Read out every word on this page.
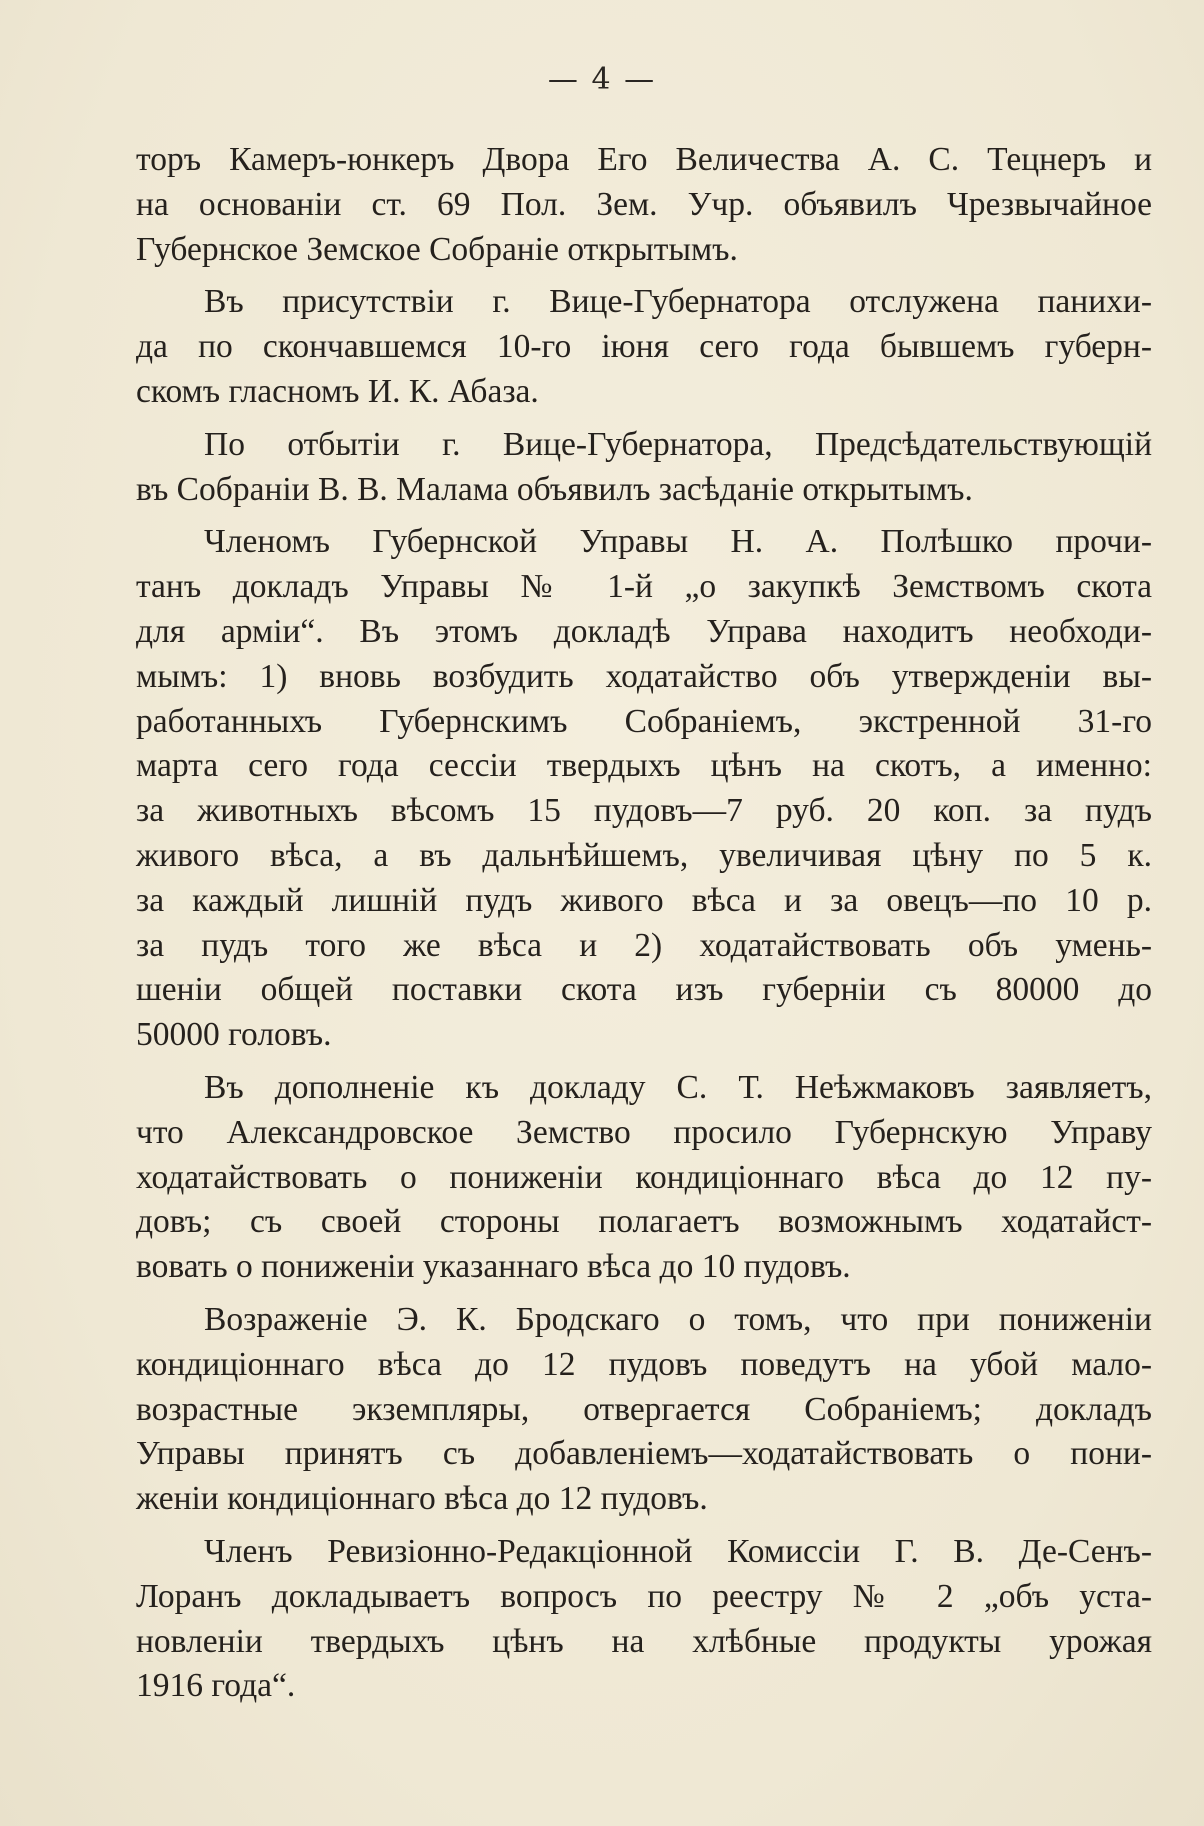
— 4 —
торъ Камеръ-юнкеръ Двора Его Величества А. С. Тецнеръ и
на основанiи ст. 69 Пол. Зем. Учр. объявилъ Чрезвычайное
Губернское Земское Собранiе открытымъ.
Въ присутствiи г. Вице-Губернатора отслужена панихи-
да по скончавшемся 10-го iюня сего года бывшемъ губерн-
скомъ гласномъ И. К. Абаза.
По отбытiи г. Вице-Губернатора, Предсѣдательствующiй
въ Собранiи В. В. Малама объявилъ засѣданiе открытымъ.
Членомъ Губернской Управы Н. А. Полѣшко прочи-
танъ докладъ Управы № 1-й „о закупкѣ Земствомъ скота
для арміи“. Въ этомъ докладѣ Управа находитъ необходи-
мымъ: 1) вновь возбудить ходатайство объ утвержденiи вы-
работанныхъ Губернскимъ Собранiемъ, экстренной 31-го
марта сего года сессiи твердыхъ цѣнъ на скотъ, а именно:
за животныхъ вѣсомъ 15 пудовъ—7 руб. 20 коп. за пудъ
живого вѣса, а въ дальнѣйшемъ, увеличивая цѣну по 5 к.
за каждый лишнiй пудъ живого вѣса и за овецъ—по 10 р.
за пудъ того же вѣса и 2) ходатайствовать объ умень-
шенiи общей поставки скота изъ губернiи съ 80000 до
50000 головъ.
Въ дополненiе къ докладу С. Т. Неѣжмаковъ заявляетъ,
что Александровское Земство просило Губернскую Управу
ходатайствовать о пониженiи кондицiоннаго вѣса до 12 пу-
довъ; съ своей стороны полагаетъ возможнымъ ходатайст-
вовать о пониженiи указаннаго вѣса до 10 пудовъ.
Возраженiе Э. К. Бродскаго о томъ, что при пониженiи
кондицiоннаго вѣса до 12 пудовъ поведутъ на убой мало-
возрастные экземпляры, отвергается Собранiемъ; докладъ
Управы принятъ съ добавленiемъ—ходатайствовать о пони-
женiи кондицiоннаго вѣса до 12 пудовъ.
Членъ Ревизiонно-Редакцiонной Комиссiи Г. В. Де-Сенъ-
Лоранъ докладываетъ вопросъ по реестру № 2 „объ уста-
новленiи твердыхъ цѣнъ на хлѣбные продукты урожая
1916 года“.
